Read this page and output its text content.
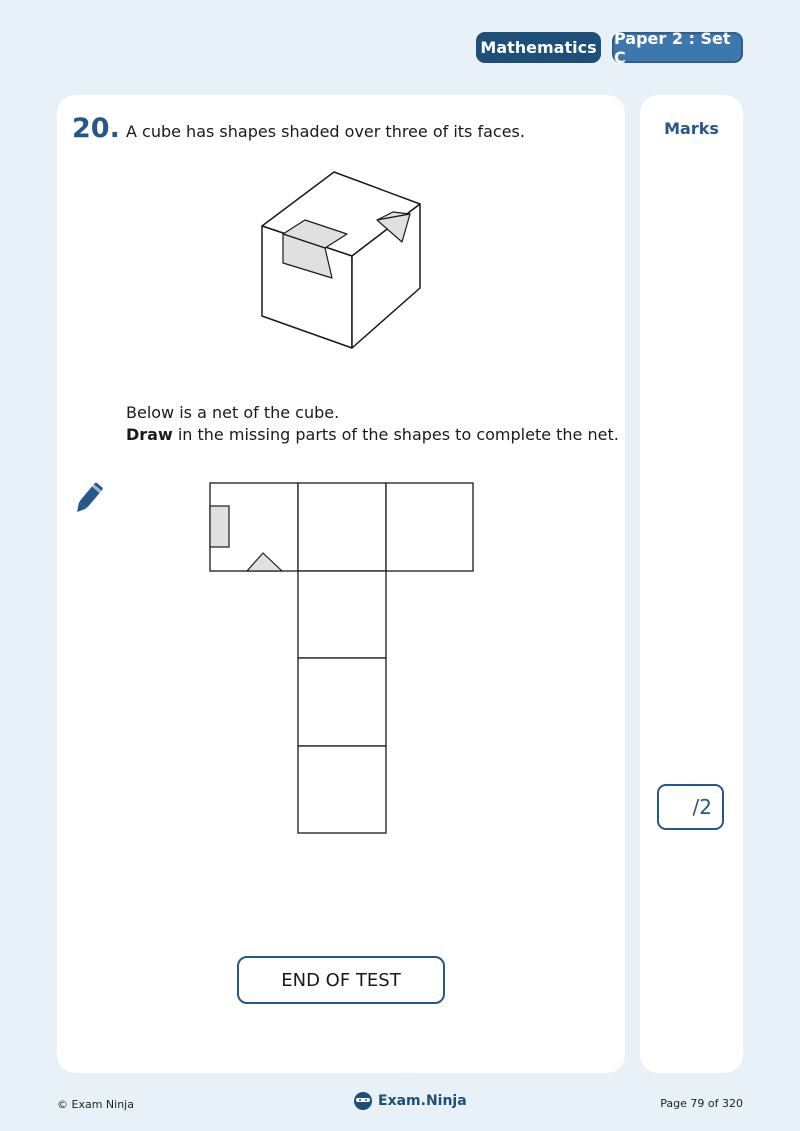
Mathematics Paper 2 : Set C
Marks
/2
20. A cube has shapes shaded over three of its faces.
Below is a net of the cube.
Draw in the missing parts of the shapes to complete the net.
END OF TEST
© Exam Ninja	Exam.Ninja	Page 79 of 320
